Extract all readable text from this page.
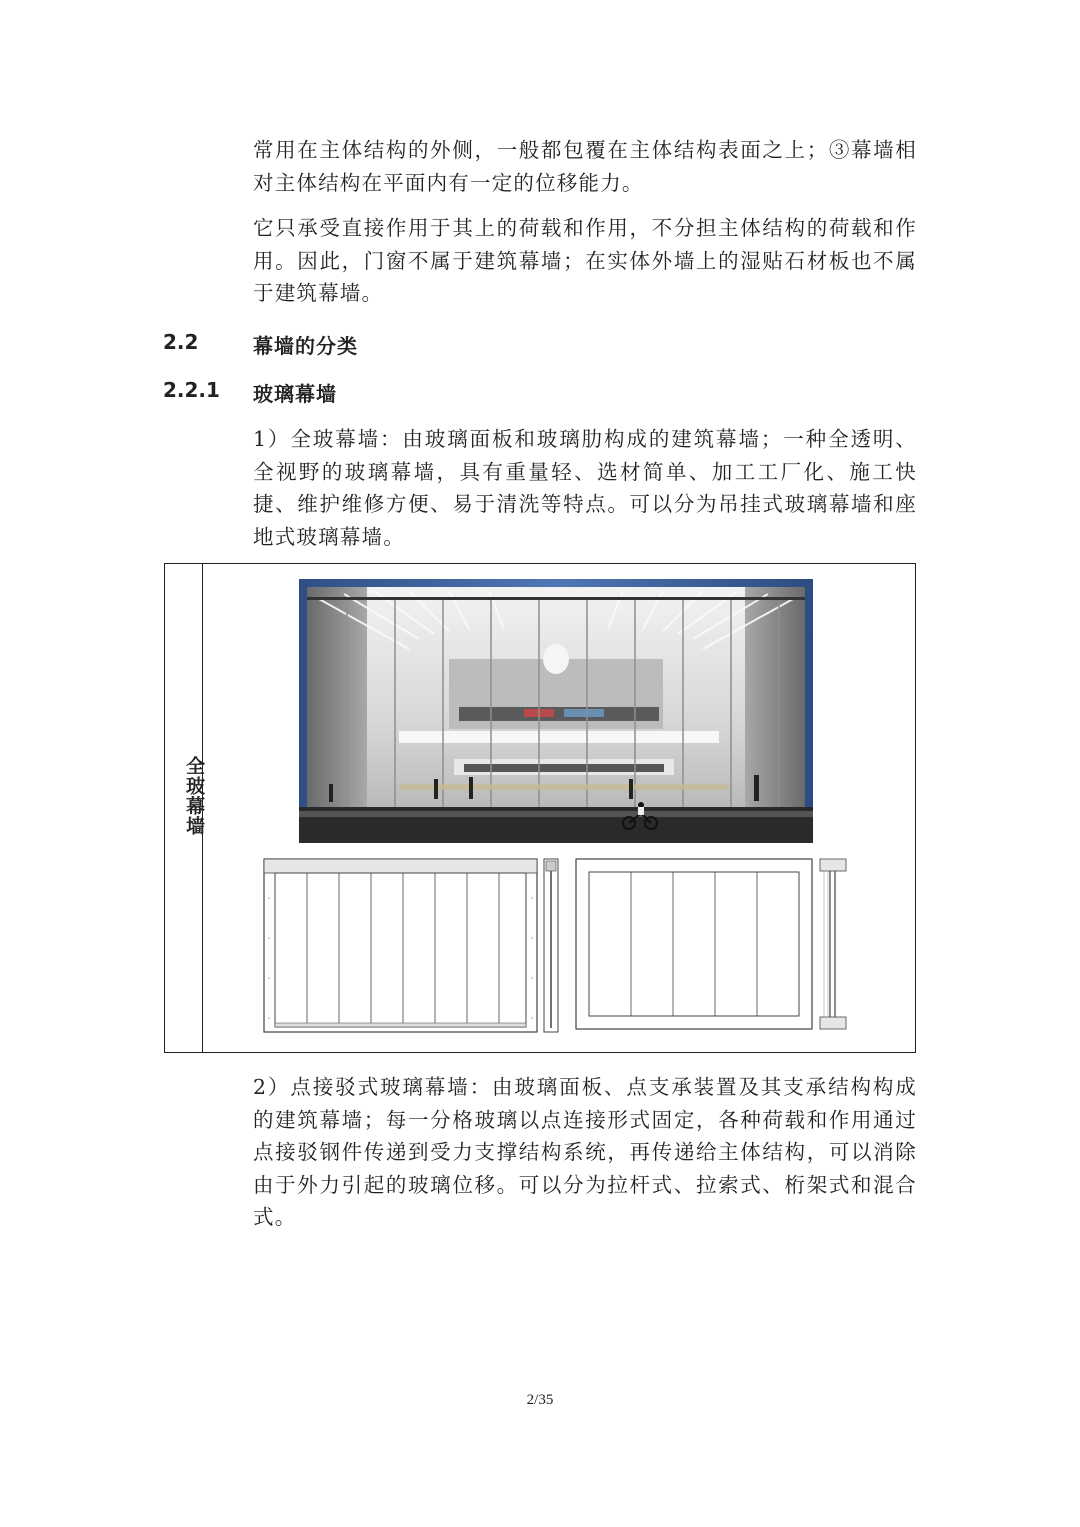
常用在主体结构的外侧，一般都包覆在主体结构表面之上；③幕墙相对主体结构在平面内有一定的位移能力。

它只承受直接作用于其上的荷载和作用，不分担主体结构的荷载和作用。因此，门窗不属于建筑幕墙；在实体外墙上的湿贴石材板也不属于建筑幕墙。

2.2	幕墙的分类

2.2.1 玻璃幕墙

1）全玻幕墙：由玻璃面板和玻璃肋构成的建筑幕墙；一种全透明、全视野的玻璃幕墙，具有重量轻、选材简单、加工工厂化、施工快捷、维护维修方便、易于清洗等特点。可以分为吊挂式玻璃幕墙和座地式玻璃幕墙。

全玻幕墙

2）点接驳式玻璃幕墙：由玻璃面板、点支承装置及其支承结构构成的建筑幕墙；每一分格玻璃以点连接形式固定，各种荷载和作用通过点接驳钢件传递到受力支撑结构系统，再传递给主体结构，可以消除由于外力引起的玻璃位移。可以分为拉杆式、拉索式、桁架式和混合式。

2/35
